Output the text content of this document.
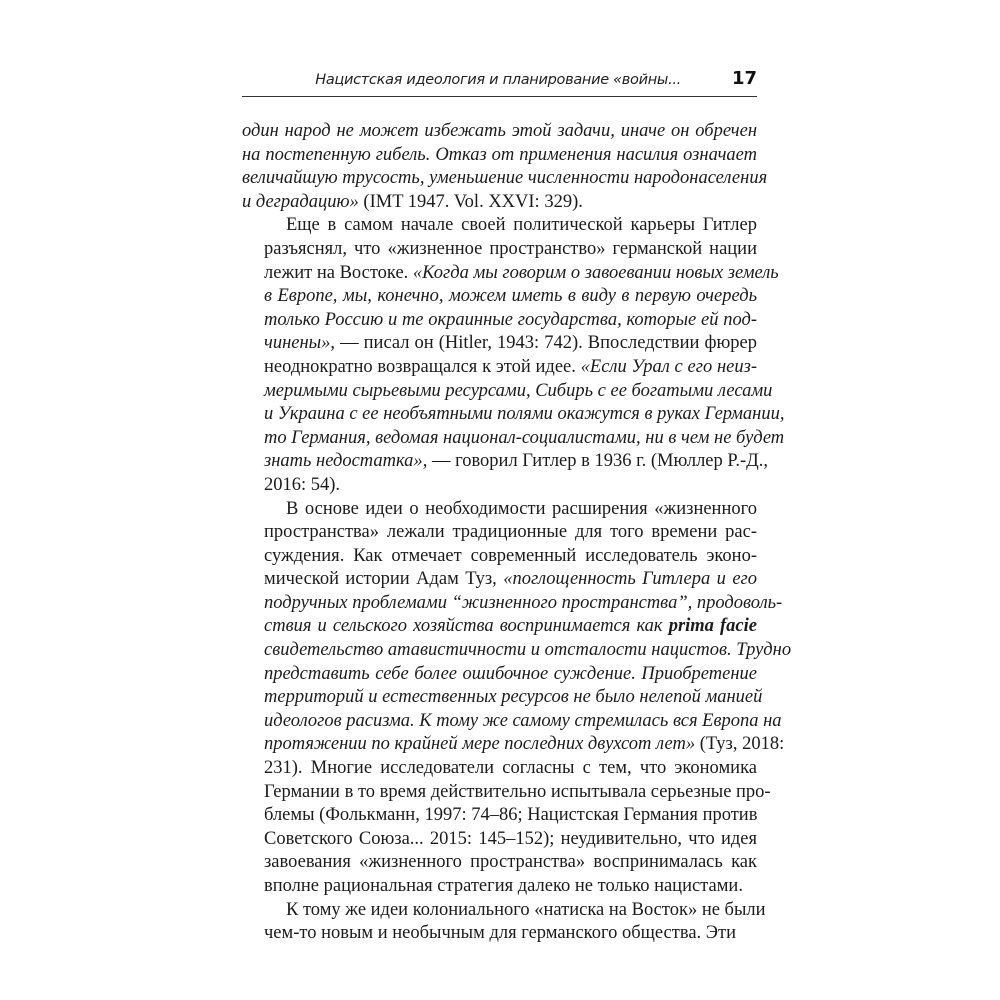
Нацистская идеология и планирование «войны...	17
один народ не может избежать этой задачи, иначе он обречен
на постепенную гибель. Отказ от применения насилия означает
величайшую трусость, уменьшение численности народонаселения
и деградацию» (IMT 1947. Vol. XXVI: 329).
Еще в самом начале своей политической карьеры Гитлер
разъяснял, что «жизненное пространство» германской нации
лежит на Востоке. «Когда мы говорим о завоевании новых земель
в Европе, мы, конечно, можем иметь в виду в первую очередь
только Россию и те окраинные государства, которые ей под-
чинены», — писал он (Hitler, 1943: 742). Впоследствии фюрер
неоднократно возвращался к этой идее. «Если Урал с его неиз-
меримыми сырьевыми ресурсами, Сибирь с ее богатыми лесами
и Украина с ее необъятными полями окажутся в руках Германии,
то Германия, ведомая национал-социалистами, ни в чем не будет
знать недостатка», — говорил Гитлер в 1936 г. (Мюллер Р.-Д.,
2016: 54).
В основе идеи о необходимости расширения «жизненного
пространства» лежали традиционные для того времени рас-
суждения. Как отмечает современный исследователь эконо-
мической истории Адам Туз, «поглощенность Гитлера и его
подручных проблемами “жизненного пространства”, продоволь-
ствия и сельского хозяйства воспринимается как prima facie
свидетельство атавистичности и отсталости нацистов. Трудно
представить себе более ошибочное суждение. Приобретение
территорий и естественных ресурсов не было нелепой манией
идеологов расизма. К тому же самому стремилась вся Европа на
протяжении по крайней мере последних двухсот лет» (Туз, 2018:
231). Многие исследователи согласны с тем, что экономика
Германии в то время действительно испытывала серьезные про-
блемы (Фолькманн, 1997: 74–86; Нацистская Германия против
Советского Союза... 2015: 145–152); неудивительно, что идея
завоевания «жизненного пространства» воспринималась как
вполне рациональная стратегия далеко не только нацистами.
К тому же идеи колониального «натиска на Восток» не были
чем-то новым и необычным для германского общества. Эти
